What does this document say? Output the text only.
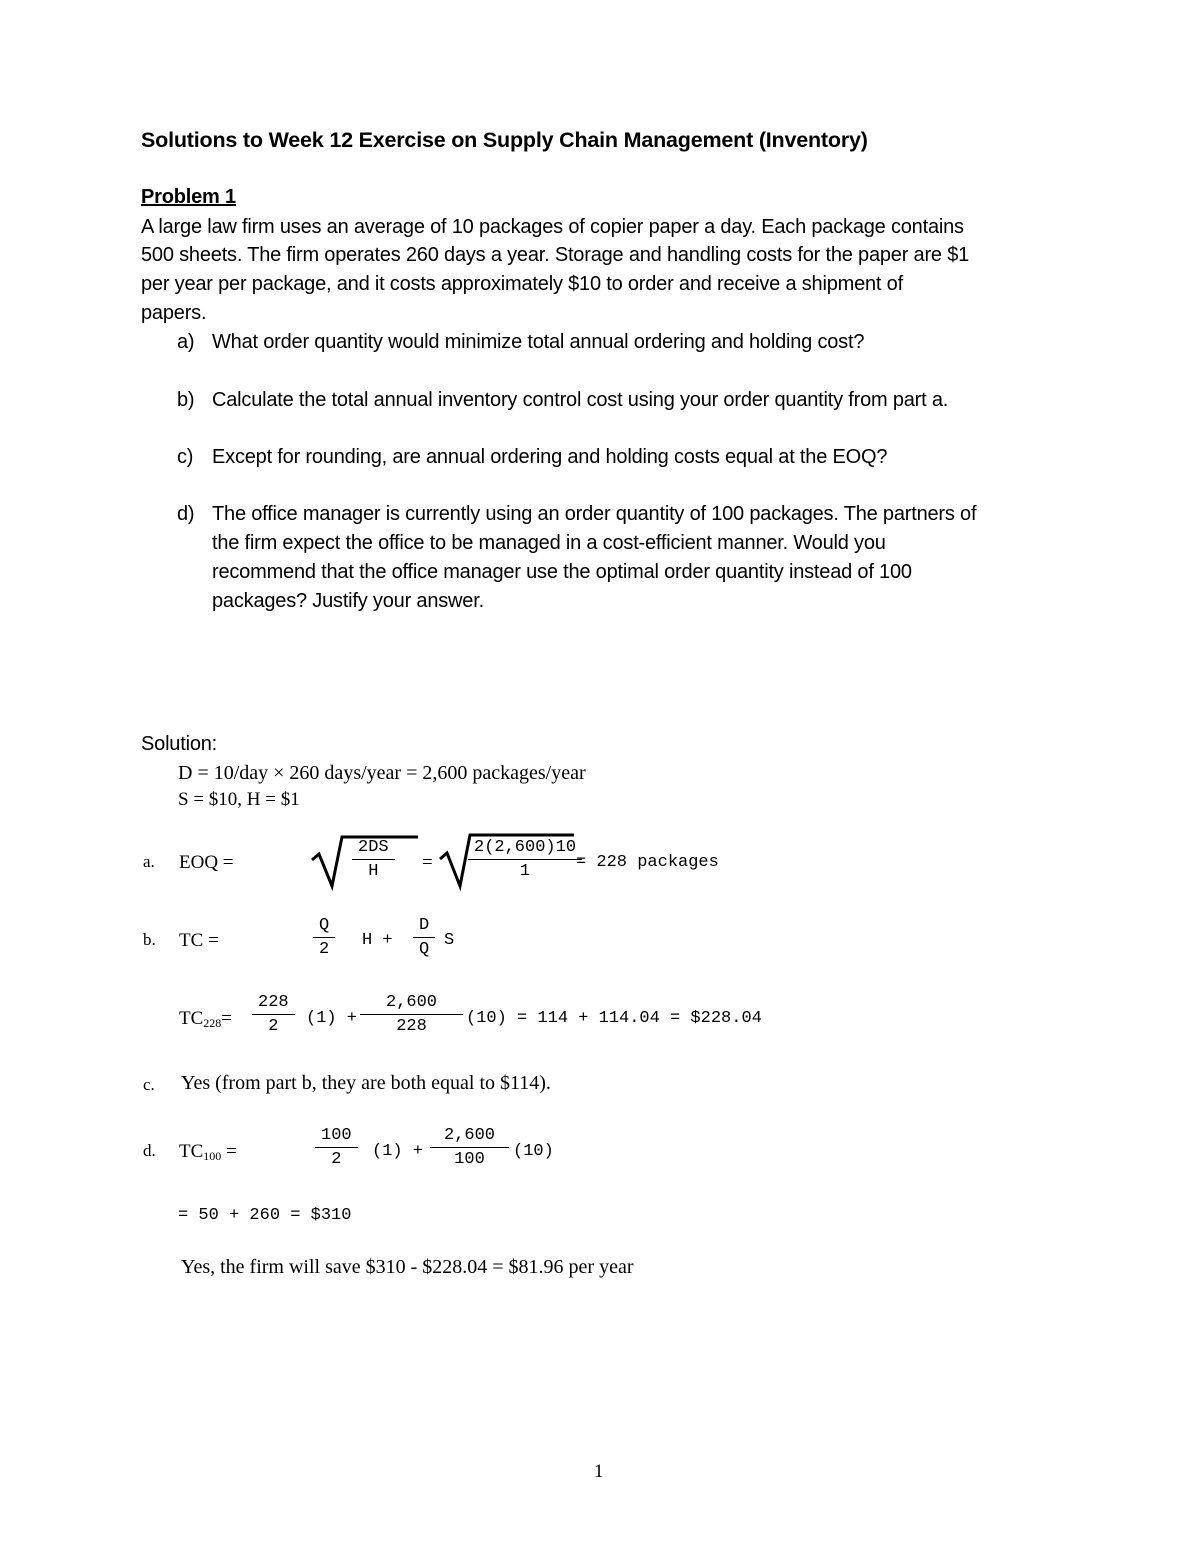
Solutions to Week 12 Exercise on Supply Chain Management (Inventory)
Problem 1
A large law firm uses an average of 10 packages of copier paper a day. Each package contains
500 sheets. The firm operates 260 days a year. Storage and handling costs for the paper are $1
per year per package, and it costs approximately $10 to order and receive a shipment of
papers.
a) What order quantity would minimize total annual ordering and holding cost?
b) Calculate the total annual inventory control cost using your order quantity from part a.
c) Except for rounding, are annual ordering and holding costs equal at the EOQ?
d) The office manager is currently using an order quantity of 100 packages. The partners of
the firm expect the office to be managed in a cost-efficient manner. Would you
recommend that the office manager use the optimal order quantity instead of 100
packages? Justify your answer.
Solution:
D = 10/day × 260 days/year = 2,600 packages/year
S = $10, H = $1
a. EOQ =	$\frac{2DS}{H} = \frac{2(2,600)10}{1}$
= 228 packages
b. TC =	$\frac{Q}{2}$ $H + \frac{D}{Q}$ S
$TC_{228}= \frac{228}{2} (1) + \frac{2,600}{228} (10) = 114 + 114.04$ = $228.04
c. Yes (from part b, they are both equal to $114).
d. $TC_{100}$ =	$\frac{100}{2} (1) + \frac{2,600}{100} (10)$
= 50 + 260 = $310
Yes, the firm will save $310 - $228.04 = $81.96 per year
1
